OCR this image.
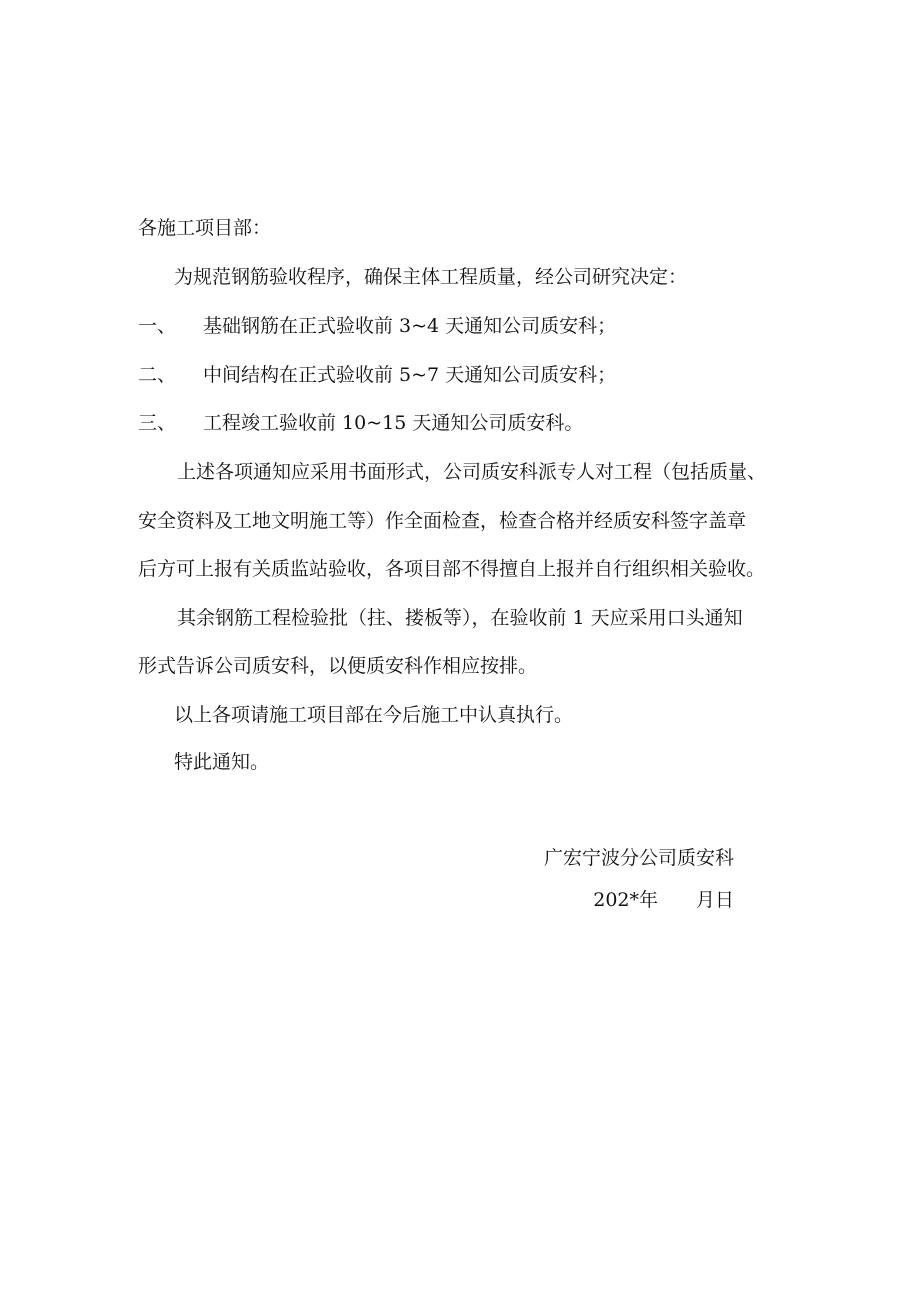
各施工项目部：
为规范钢筋验收程序，确保主体工程质量，经公司研究决定：
一、 基础钢筋在正式验收前 3~4 天通知公司质安科；
二、 中间结构在正式验收前 5~7 天通知公司质安科；
三、 工程竣工验收前 10~15 天通知公司质安科。
上述各项通知应采用书面形式，公司质安科派专人对工程（包括质量、
安全资料及工地文明施工等）作全面检查，检查合格并经质安科签字盖章
后方可上报有关质监站验收，各项目部不得擅自上报并自行组织相关验收。
其余钢筋工程检验批（拄、搂板等），在验收前 1 天应采用口头通知
形式告诉公司质安科，以便质安科作相应按排。
以上各项请施工项目部在今后施工中认真执行。
特此通知。
广宏宁波分公司质安科
202*年　　月日
